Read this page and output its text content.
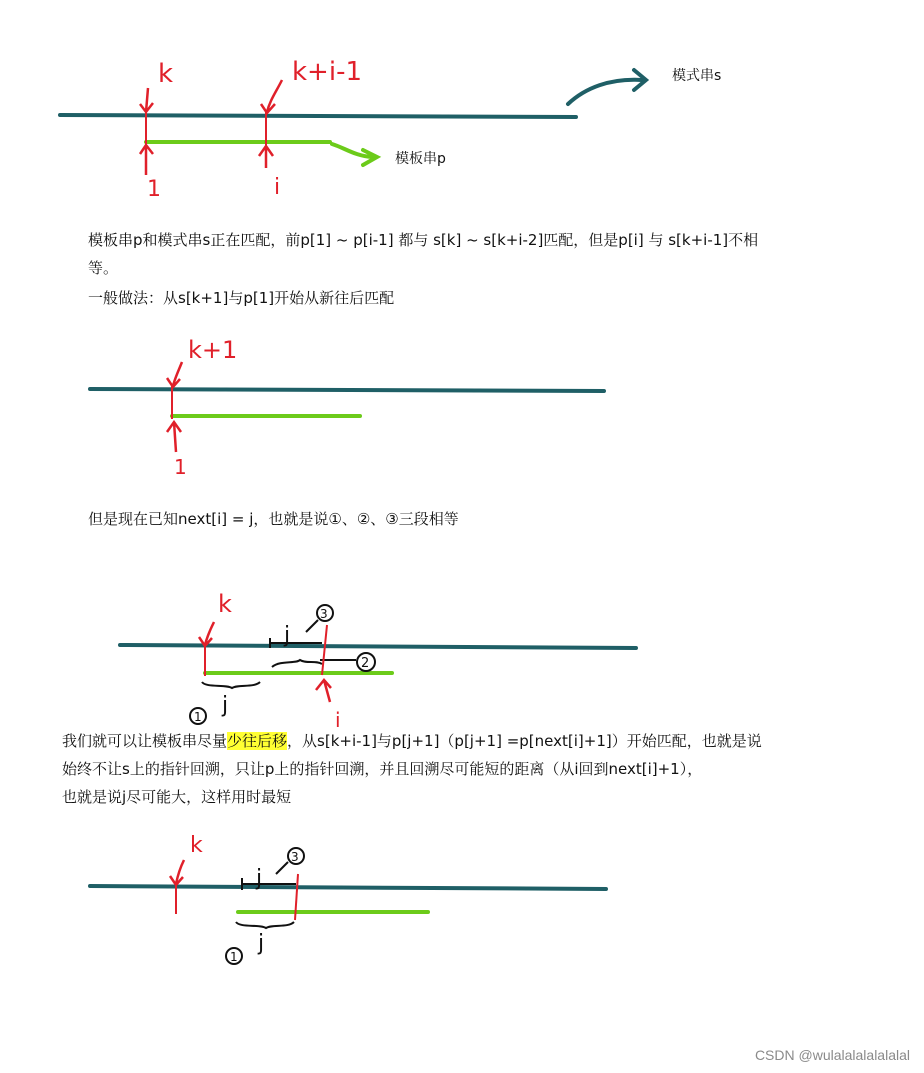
k	k+i-1
1	i
模式串s
模板串p
模板串p和模式串s正在匹配，前p[1] ~ p[i-1] 都与 s[k] ~ s[k+i-2]匹配，但是p[i] 与 s[k+i-1]不相
等。
一般做法：从s[k+1]与p[1]开始从新往后匹配
k+1
1
但是现在已知next[i] = j，也就是说①、②、③三段相等
k
j
3
2
i
j
1
我们就可以让模板串尽量少往后移，从s[k+i-1]与p[j+1]（p[j+1] =p[next[i]+1]）开始匹配，也就是说
始终不让s上的指针回溯，只让p上的指针回溯，并且回溯尽可能短的距离（从i回到next[i]+1），
也就是说j尽可能大，这样用时最短
k
j
3
j
1
CSDN @wulalalalalalalal
